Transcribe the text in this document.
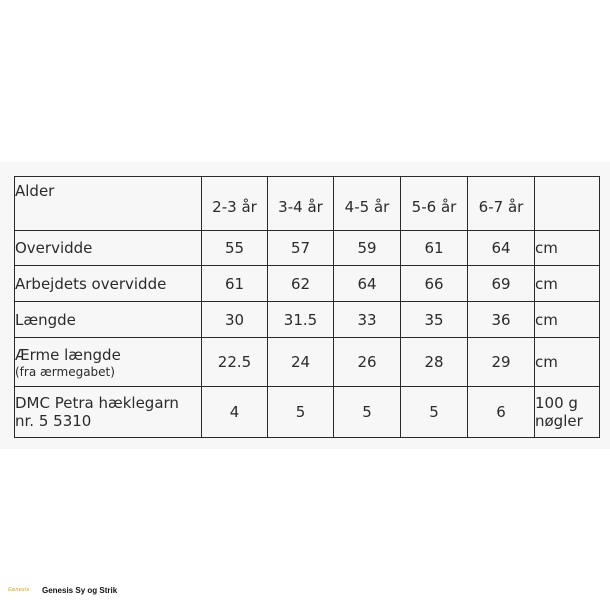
Alder	2-3 år	3-4 år	4-5 år	5-6 år	6-7 år	

Overvidde	55	57	59	61	64	cm

Arbejdets overvidde	61	62	64	66	69	cm

Længde	30	31.5	33	35	36	cm

Ærme længde
(fra ærmegabet)	22.5	24	26	28	29	cm

DMC Petra hæklegarn
nr. 5 5310	4	5	5	5	6	100 g nøgler
Genesis	Genesis Sy og Strik
